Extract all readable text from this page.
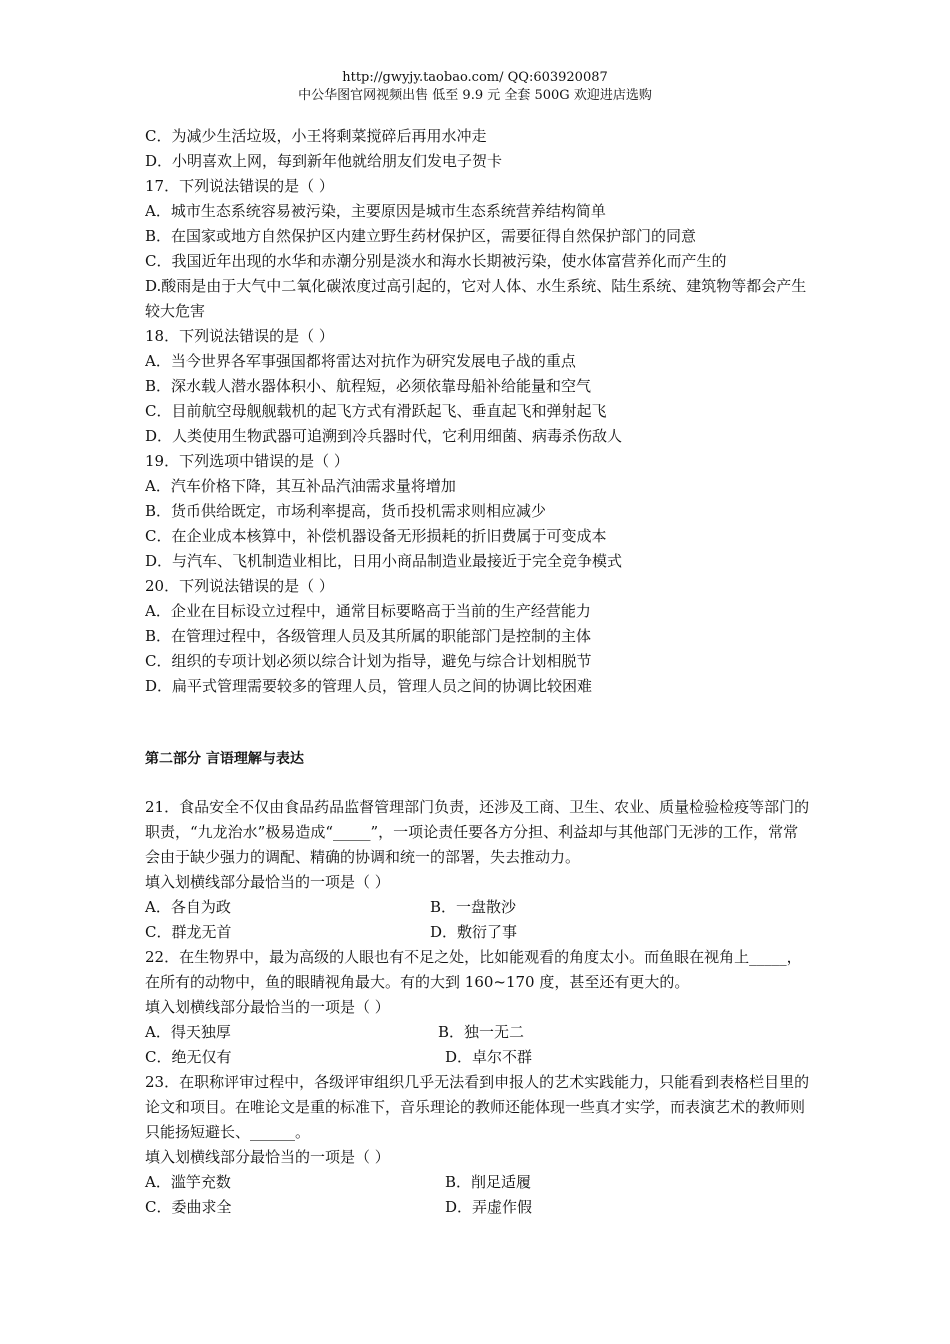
http://gwyjy.taobao.com/ QQ:603920087
中公华图官网视频出售 低至 9.9 元 全套 500G 欢迎进店选购
C．为减少生活垃圾，小王将剩菜搅碎后再用水冲走
D．小明喜欢上网，每到新年他就给朋友们发电子贺卡
17．下列说法错误的是（ ）
A．城市生态系统容易被污染，主要原因是城市生态系统营养结构简单
B．在国家或地方自然保护区内建立野生药材保护区，需要征得自然保护部门的同意
C．我国近年出现的水华和赤潮分别是淡水和海水长期被污染，使水体富营养化而产生的
D.酸雨是由于大气中二氧化碳浓度过高引起的，它对人体、水生系统、陆生系统、建筑物等都会产生较大危害
18．下列说法错误的是（ ）
A．当今世界各军事强国都将雷达对抗作为研究发展电子战的重点
B．深水载人潜水器体积小、航程短，必须依靠母船补给能量和空气
C．目前航空母舰舰载机的起飞方式有滑跃起飞、垂直起飞和弹射起飞
D．人类使用生物武器可追溯到冷兵器时代，它利用细菌、病毒杀伤敌人
19．下列选项中错误的是（ ）
A．汽车价格下降，其互补品汽油需求量将增加
B．货币供给既定，市场利率提高，货币投机需求则相应减少
C．在企业成本核算中，补偿机器设备无形损耗的折旧费属于可变成本
D．与汽车、飞机制造业相比，日用小商品制造业最接近于完全竞争模式
20．下列说法错误的是（ ）
A．企业在目标设立过程中，通常目标要略高于当前的生产经营能力
B．在管理过程中，各级管理人员及其所属的职能部门是控制的主体
C．组织的专项计划必须以综合计划为指导，避免与综合计划相脱节
D．扁平式管理需要较多的管理人员，管理人员之间的协调比较困难
第二部分 言语理解与表达
21．食品安全不仅由食品药品监督管理部门负责，还涉及工商、卫生、农业、质量检验检疫等部门的职责，“九龙治水”极易造成“_____”，一项论责任要各方分担、利益却与其他部门无涉的工作，常常会由于缺少强力的调配、精确的协调和统一的部署，失去推动力。
填入划横线部分最恰当的一项是（ ）
A．各自为政	B．一盘散沙
C．群龙无首	D．敷衍了事
22．在生物界中，最为高级的人眼也有不足之处，比如能观看的角度太小。而鱼眼在视角上_____，在所有的动物中，鱼的眼睛视角最大。有的大到 160~170 度，甚至还有更大的。
填入划横线部分最恰当的一项是（ ）
A．得天独厚	B．独一无二
C．绝无仅有	D．卓尔不群
23．在职称评审过程中，各级评审组织几乎无法看到申报人的艺术实践能力，只能看到表格栏目里的论文和项目。在唯论文是重的标准下，音乐理论的教师还能体现一些真才实学，而表演艺术的教师则只能扬短避长、______。
填入划横线部分最恰当的一项是（ ）
A．滥竽充数	B．削足适履
C．委曲求全	D．弄虚作假
